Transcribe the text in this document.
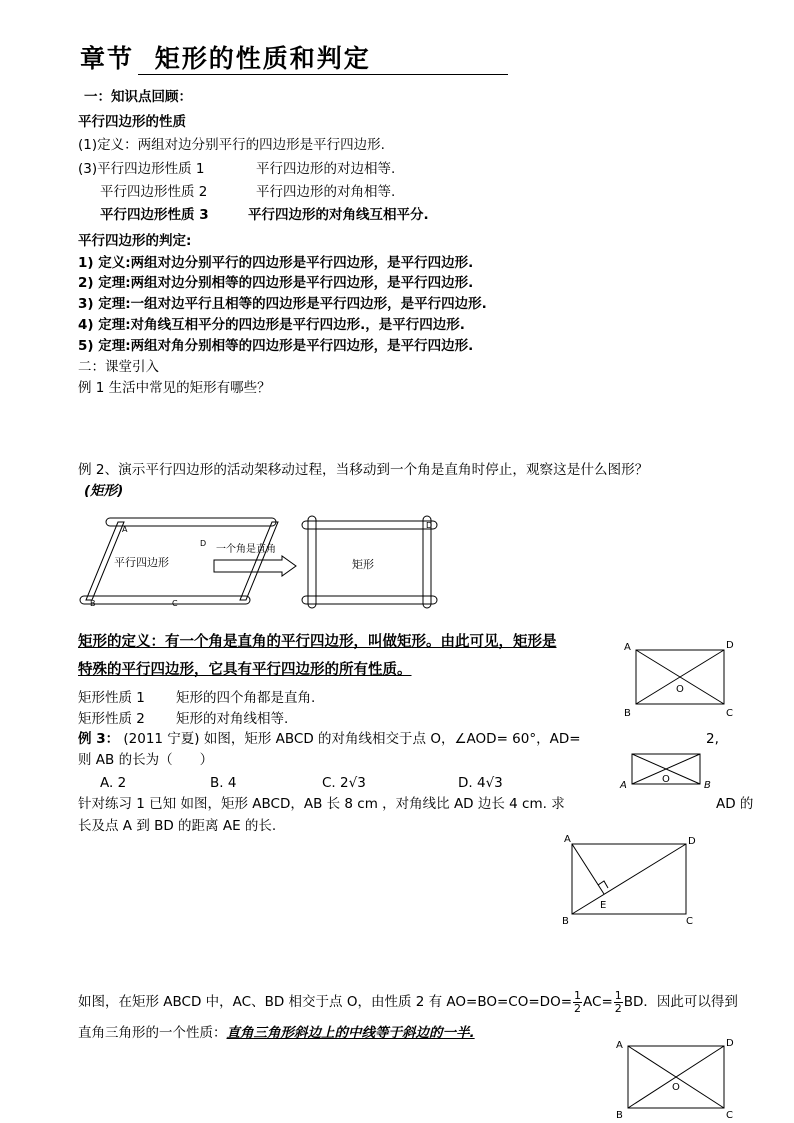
章节 矩形的性质和判定
一：知识点回顾：
平行四边形的性质
(1)定义：两组对边分别平行的四边形是平行四边形.
(3)平行四边形性质 1	平行四边形的对边相等.
平行四边形性质 2	平行四边形的对角相等.
平行四边形性质 3	平行四边形的对角线互相平分.
平行四边形的判定:
1) 定义:两组对边分别平行的四边形是平行四边形，是平行四边形.
2) 定理:两组对边分别相等的四边形是平行四边形，是平行四边形.
3) 定理:一组对边平行且相等的四边形是平行四边形，是平行四边形.
4) 定理:对角线互相平分的四边形是平行四边形.，是平行四边形.
5) 定理:两组对角分别相等的四边形是平行四边形，是平行四边形.
二：课堂引入
例 1 生活中常见的矩形有哪些？
例 2、演示平行四边形的活动架移动过程，当移动到一个角是直角时停止，观察这是什么图形？
(矩形)
平行四边形
一个角是直角
矩形
A
D
B	C
D
矩形的定义：有一个角是直角的平行四边形，叫做矩形。由此可见，矩形是
特殊的平行四边形，它具有平行四边形的所有性质。
矩形性质 1 矩形的四个角都是直角.
矩形性质 2 矩形的对角线相等.
A	D
B	C
O
例 3： (2011 宁夏) 如图，矩形 ABCD 的对角线相交于点 O，∠AOD= 60°，AD=	2,
则 AB 的长为（　　）
A. 2	B. 4	C. 2√3	D. 4√3	A	B
O
针对练习 1 已知 如图，矩形 ABCD，AB 长 8 cm ，对角线比 AD 边长 4 cm. 求	AD 的
长及点 A 到 BD 的距离 AE 的长.
A	D
B	C
E
如图，在矩形 ABCD 中，AC、BD 相交于点 O，由性质 2 有 $AO=BO=CO=DO= \frac{1}{2} AC= \frac{1}{2}$ BD．因此可以得到
直角三角形的一个性质：直角三角形斜边上的中线等于斜边的一半.
A	D
B	C
O
